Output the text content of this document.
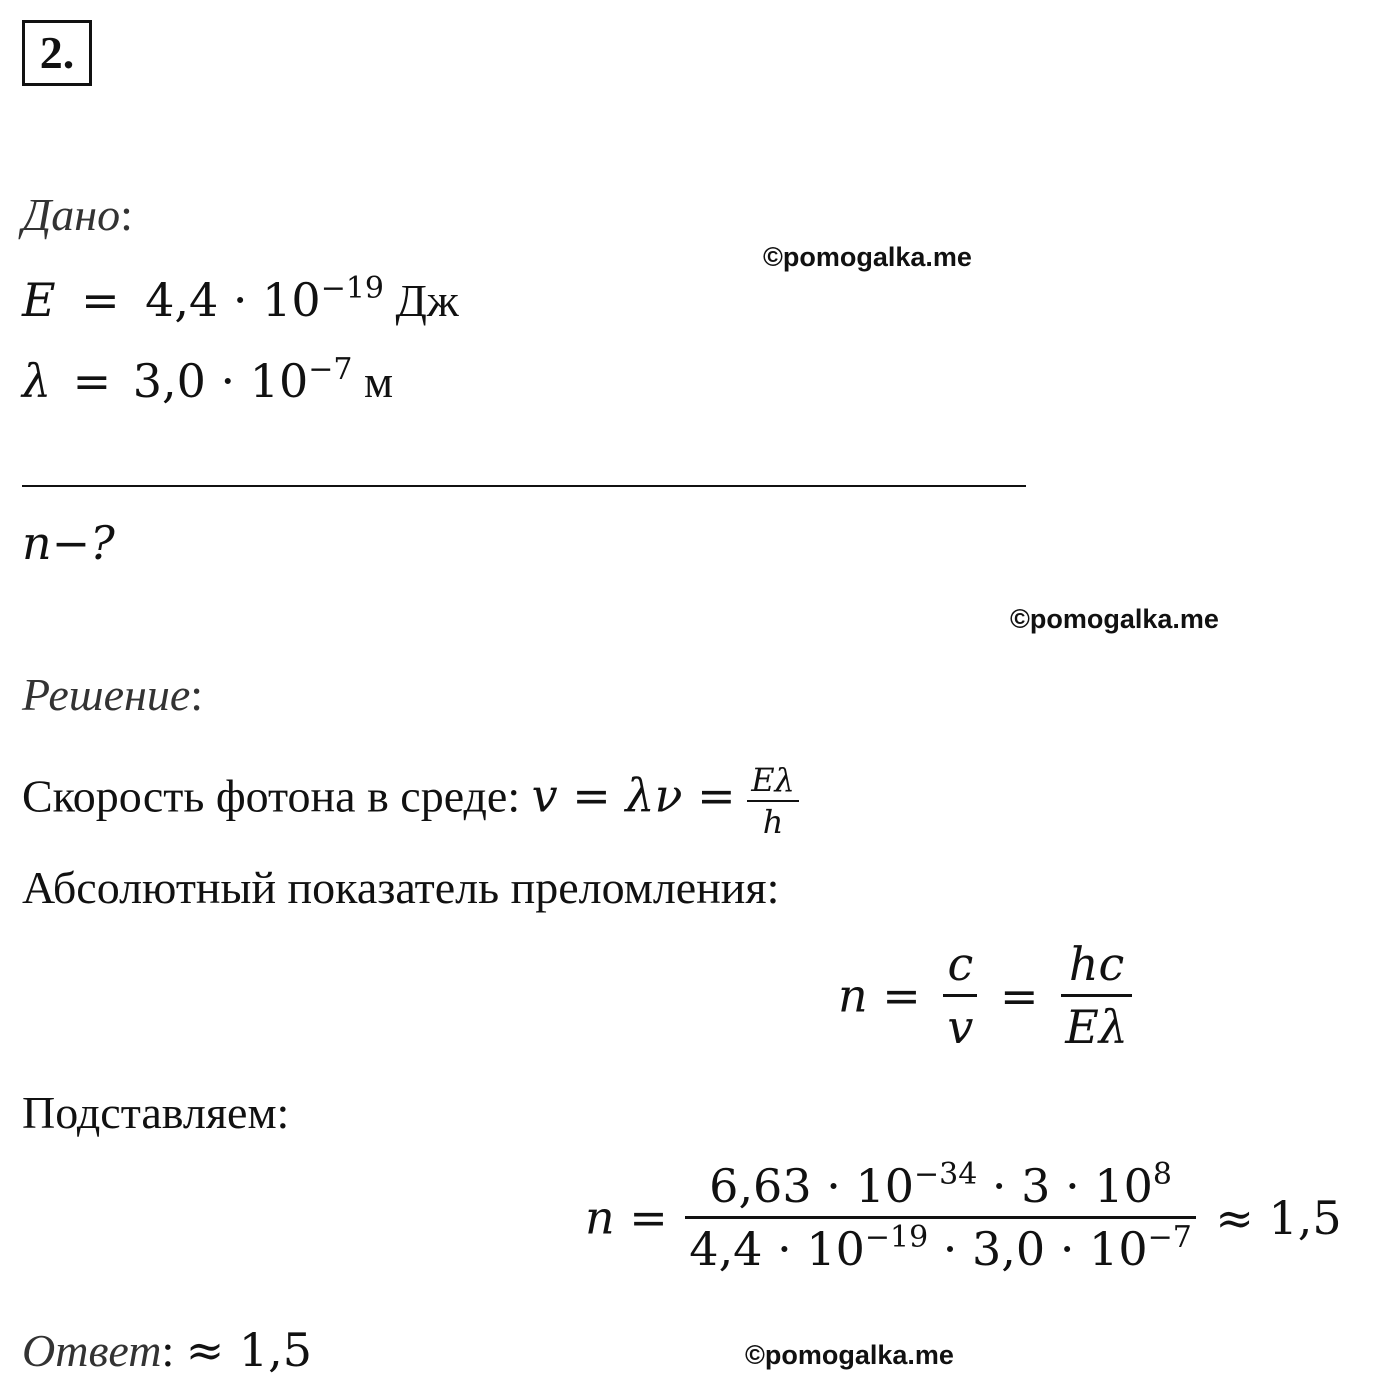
2.
Дано:
©pomogalka.me
$E = 4,4 \cdot 10^{-19}$ Дж
$\lambda = 3,0 \cdot 10^{-7}$ м
n−?
©pomogalka.me
Решение:
Скорость фотона в среде: $v = \lambda\nu = \frac{E\lambda}{h}$
Абсолютный показатель преломления:
$n = \frac{c}{v} = \frac{hc}{E\lambda}$
Подставляем:
$n = \frac{6,63 \cdot 10^{-34} \cdot 3 \cdot 10^8}{4,4 \cdot 10^{-19} \cdot 3,0 \cdot 10^{-7}} \approx 1,5$
Ответ: ≈ 1,5	©pomogalka.me
